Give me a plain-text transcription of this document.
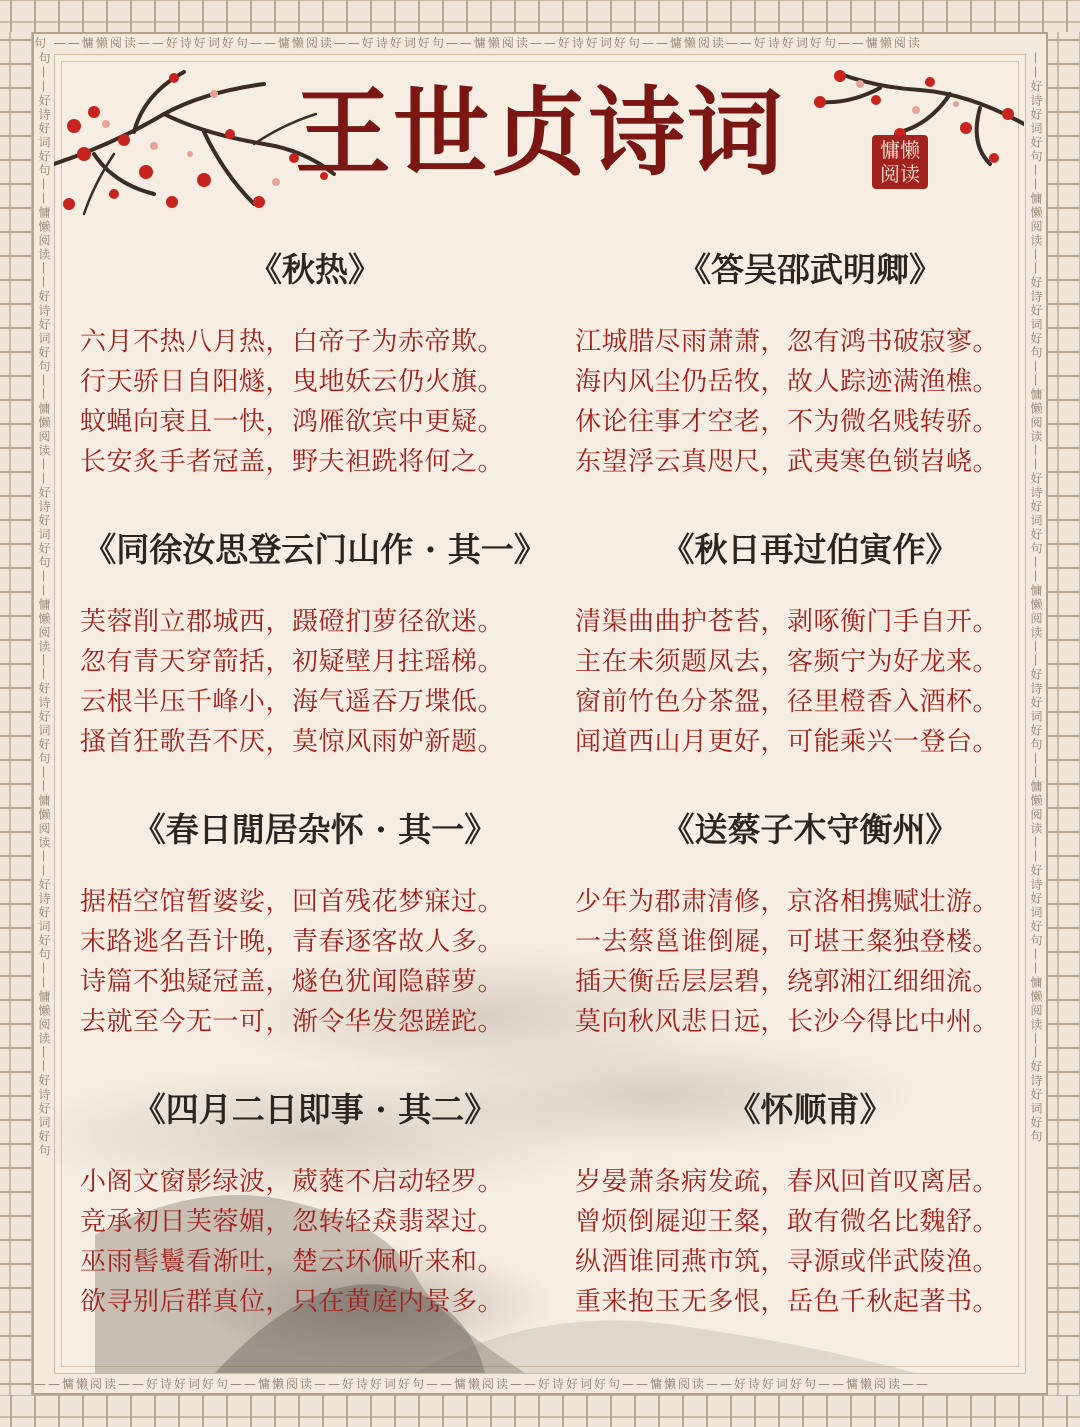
句 ——慵懒阅读——好诗好词好句——慵懒阅读——好诗好词好句——慵懒阅读——好诗好词好句——慵懒阅读——好诗好词好句——慵懒阅读
——慵懒阅读——好诗好词好句——慵懒阅读——好诗好词好句——慵懒阅读——好诗好词好句——慵懒阅读——好诗好词好句——慵懒阅读——
句——好诗好词好句——慵懒阅读——好诗好词好句——慵懒阅读——好诗好词好句——慵懒阅读——好诗好词好句——慵懒阅读——好诗好词好句——慵懒阅读——好诗好词好句	——好诗好词好句——慵懒阅读——好诗好词好句——慵懒阅读——好诗好词好句——慵懒阅读——好诗好词好句——慵懒阅读——好诗好词好句——慵懒阅读——好诗好词好句
王世贞诗词	慵懒
阅读
《秋热》
六月不热八月热，白帝子为赤帝欺。
行天骄日自阳燧，曳地妖云仍火旗。
蚊蝇向衰且一快，鸿雁欲宾中更疑。
长安炙手者冠盖，野夫袒跣将何之。
《答吴邵武明卿》
江城腊尽雨萧萧，忽有鸿书破寂寥。
海内风尘仍岳牧，故人踪迹满渔樵。
休论往事才空老，不为微名贱转骄。
东望浮云真咫尺，武夷寒色锁岧峣。
《同徐汝思登云门山作 · 其一》
芙蓉削立郡城西，蹑磴扪萝径欲迷。
忽有青天穿箭括，初疑壁月拄瑶梯。
云根半压千峰小，海气遥吞万堞低。
搔首狂歌吾不厌，莫惊风雨妒新题。
《秋日再过伯寅作》
清渠曲曲护苍苔，剥啄衡门手自开。
主在未须题凤去，客频宁为好龙来。
窗前竹色分茶盌，径里橙香入酒杯。
闻道西山月更好，可能乘兴一登台。
《春日閒居杂怀 · 其一》
据梧空馆暂婆娑，回首残花梦寐过。
末路逃名吾计晚，青春逐客故人多。
诗篇不独疑冠盖，燧色犹闻隐薜萝。
去就至今无一可，渐令华发怨蹉跎。
《送蔡子木守衡州》
少年为郡肃清修，京洛相携赋壮游。
一去蔡邕谁倒屣，可堪王粲独登楼。
插天衡岳层层碧，绕郭湘江细细流。
莫向秋风悲日远，长沙今得比中州。
《四月二日即事 · 其二》
小阁文窗影绿波，葳蕤不启动轻罗。
竞承初日芙蓉媚，忽转轻猋翡翠过。
巫雨髻鬟看渐吐，楚云环佩听来和。
欲寻别后群真位，只在黄庭内景多。
《怀顺甫》
岁晏萧条病发疏，春风回首叹离居。
曾烦倒屣迎王粲，敢有微名比魏舒。
纵酒谁同燕市筑，寻源或伴武陵渔。
重来抱玉无多恨，岳色千秋起著书。
